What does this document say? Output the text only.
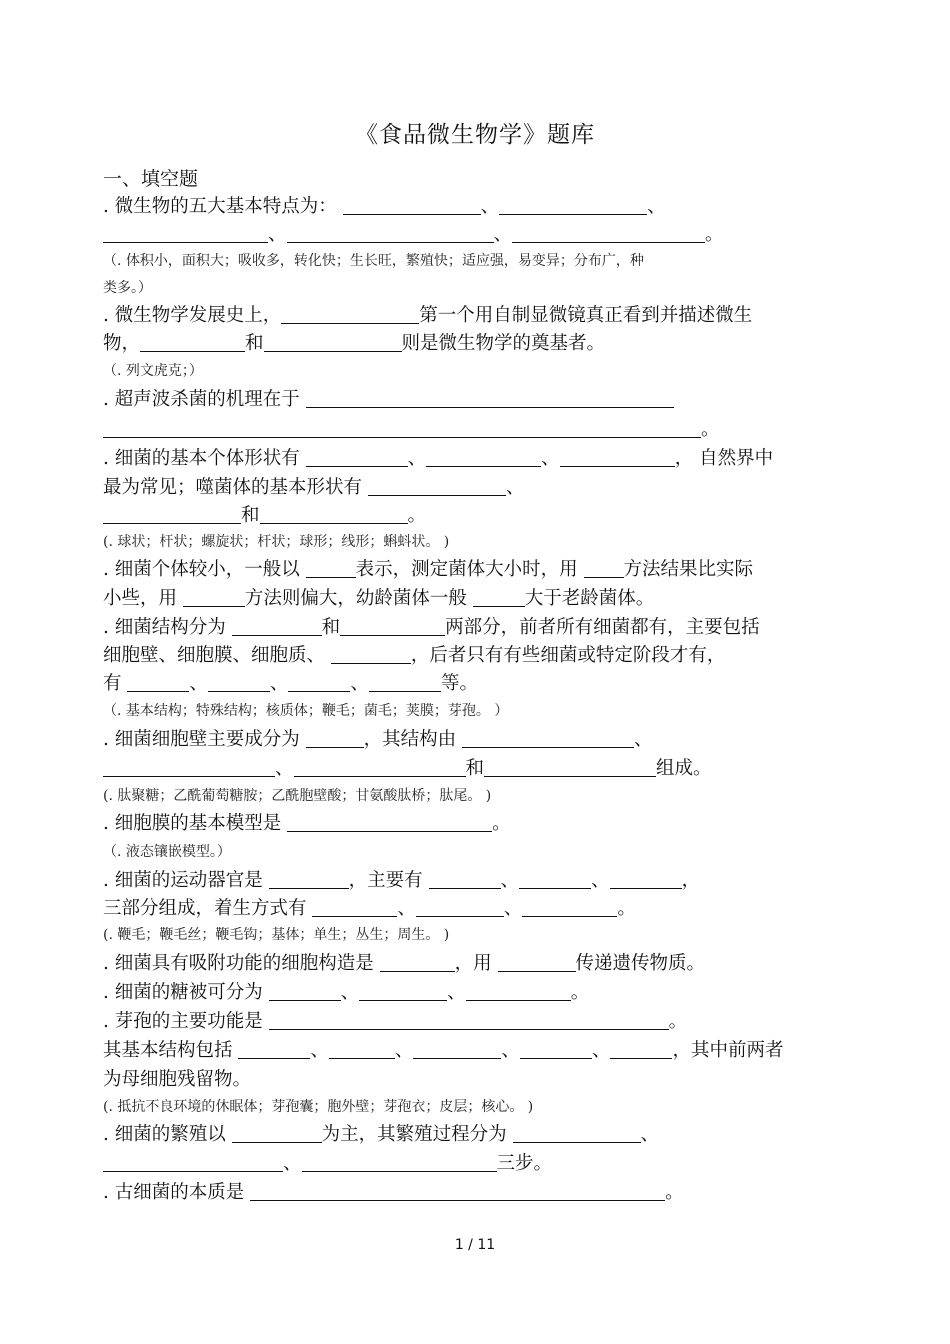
《食品微生物学》题库
一、填空题
. 微生物的五大基本特点为：	、	、
、	、	。
（. 体积小，面积大；吸收多，转化快；生长旺，繁殖快；适应强，易变异；分布广，种
类多。）
. 微生物学发展史上，	第一个用自制显微镜真正看到并描述微生
物，	和	则是微生物学的奠基者。
（. 列文虎克；）
. 超声波杀菌的机理在于
。
. 细菌的基本个体形状有	、	、	， 自然界中
最为常见；噬菌体的基本形状有	、
和	。
(. 球状；杆状；螺旋状；杆状；球形；线形；蝌蚪状。 )
. 细菌个体较小，一般以	表示，测定菌体大小时，用 方法结果比实际
小些，用	方法则偏大，幼龄菌体一般	大于老龄菌体。
. 细菌结构分为	和	两部分，前者所有细菌都有，主要包括
细胞壁、细胞膜、细胞质、	，后者只有有些细菌或特定阶段才有，
有	、	、	、	等。
（. 基本结构；特殊结构；核质体；鞭毛；菌毛；荚膜；芽孢。 ）
. 细菌细胞壁主要成分为	，其结构由	、
、	和	组成。
(. 肽聚糖；乙酰葡萄糖胺；乙酰胞壁酸；甘氨酸肽桥；肽尾。 )
. 细胞膜的基本模型是	。
（. 液态镶嵌模型。）
. 细菌的运动器官是	，主要有	、	、	，
三部分组成，着生方式有	、	、	。
(. 鞭毛；鞭毛丝；鞭毛钩；基体；单生；丛生；周生。 )
. 细菌具有吸附功能的细胞构造是	，用	传递遗传物质。
. 细菌的糖被可分为	、	、	。
. 芽孢的主要功能是	。
其基本结构包括	、	、	、	、	，其中前两者
为母细胞残留物。
(. 抵抗不良环境的休眠体；芽孢囊；胞外壁；芽孢衣；皮层；核心。 )
. 细菌的繁殖以	为主，其繁殖过程分为	、
、	三步。
. 古细菌的本质是	。
1 / 11
